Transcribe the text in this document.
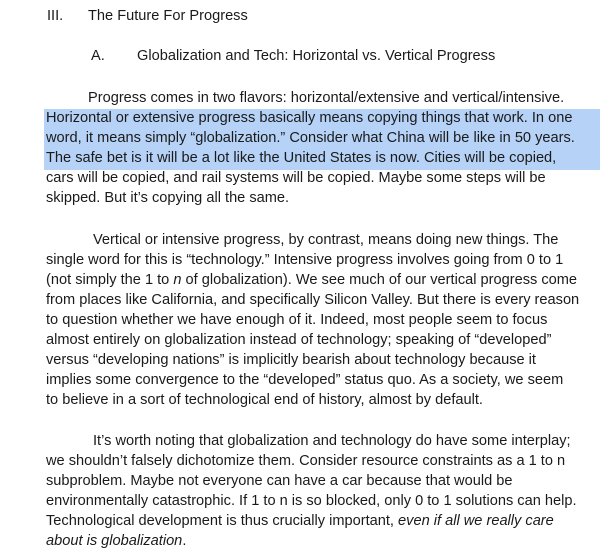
III. The Future For Progress
A. Globalization and Tech: Horizontal vs. Vertical Progress
Progress comes in two flavors: horizontal/extensive and vertical/intensive.
Horizontal or extensive progress basically means copying things that work. In one
word, it means simply “globalization.” Consider what China will be like in 50 years.
The safe bet is it will be a lot like the United States is now. Cities will be copied,
cars will be copied, and rail systems will be copied. Maybe some steps will be
skipped. But it’s copying all the same.
Vertical or intensive progress, by contrast, means doing new things. The
single word for this is “technology.” Intensive progress involves going from 0 to 1
(not simply the 1 to n of globalization). We see much of our vertical progress come
from places like California, and specifically Silicon Valley. But there is every reason
to question whether we have enough of it. Indeed, most people seem to focus
almost entirely on globalization instead of technology; speaking of “developed”
versus “developing nations” is implicitly bearish about technology because it
implies some convergence to the “developed” status quo. As a society, we seem
to believe in a sort of technological end of history, almost by default.
It’s worth noting that globalization and technology do have some interplay;
we shouldn’t falsely dichotomize them. Consider resource constraints as a 1 to n
subproblem. Maybe not everyone can have a car because that would be
environmentally catastrophic. If 1 to n is so blocked, only 0 to 1 solutions can help.
Technological development is thus crucially important, even if all we really care
about is globalization.
